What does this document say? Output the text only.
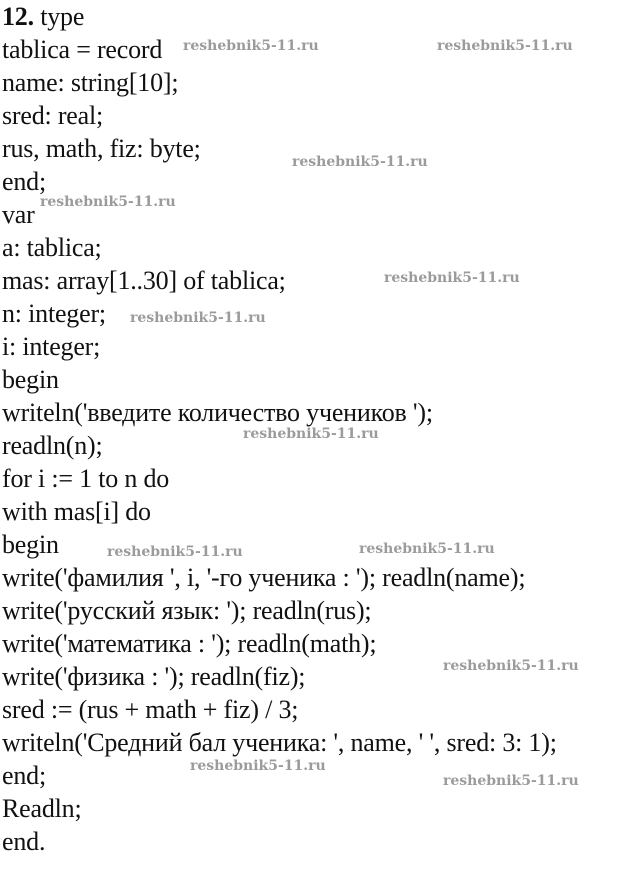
12. type
tablica = record
name: string[10];
sred: real;
rus, math, fiz: byte;
end;
var
a: tablica;
mas: array[1..30] of tablica;
n: integer;
i: integer;
begin
writeln('введите количество учеников ');
readln(n);
for i := 1 to n do
with mas[i] do
begin
write('фамилия ', i, '-го ученика : '); readln(name);
write('русский язык: '); readln(rus);
write('математика : '); readln(math);
write('физика : '); readln(fiz);
sred := (rus + math + fiz) / 3;
writeln('Средний бал ученика: ', name, ' ', sred: 3: 1);
end;
Readln;
end.
reshebnik5-11.ru	reshebnik5-11.ru
reshebnik5-11.ru
reshebnik5-11.ru
reshebnik5-11.ru
reshebnik5-11.ru
reshebnik5-11.ru
reshebnik5-11.ru	reshebnik5-11.ru
reshebnik5-11.ru
reshebnik5-11.ru
reshebnik5-11.ru
